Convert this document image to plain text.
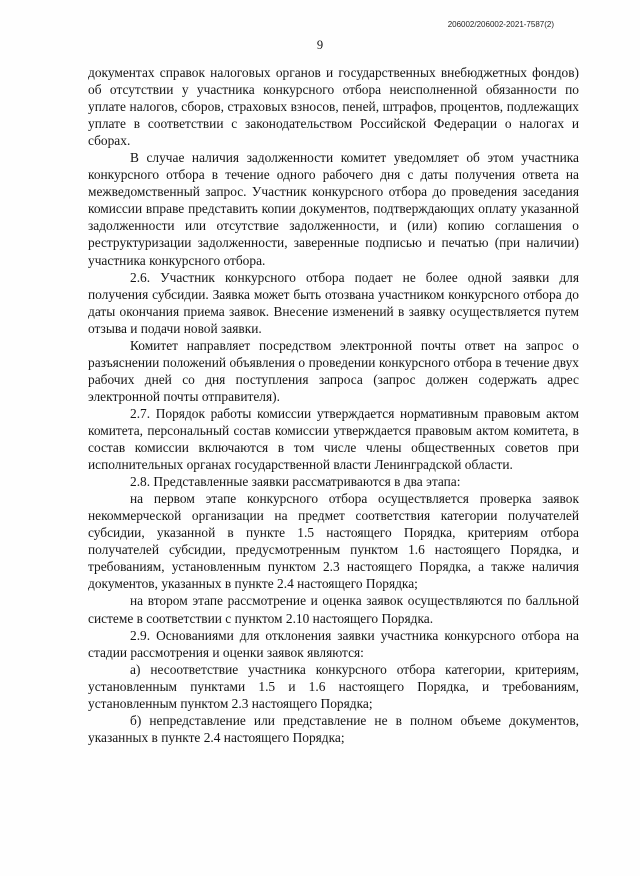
206002/206002-2021-7587(2)
9

документах справок налоговых органов и государственных внебюджетных фондов) об отсутствии у участника конкурсного отбора неисполненной обязанности по уплате налогов, сборов, страховых взносов, пеней, штрафов, процентов, подлежащих уплате в соответствии с законодательством Российской Федерации о налогах и сборах.

В случае наличия задолженности комитет уведомляет об этом участника конкурсного отбора в течение одного рабочего дня с даты получения ответа на межведомственный запрос. Участник конкурсного отбора до проведения заседания комиссии вправе представить копии документов, подтверждающих оплату указанной задолженности или отсутствие задолженности, и (или) копию соглашения о реструктуризации задолженности, заверенные подписью и печатью (при наличии) участника конкурсного отбора.

2.6. Участник конкурсного отбора подает не более одной заявки для получения субсидии. Заявка может быть отозвана участником конкурсного отбора до даты окончания приема заявок. Внесение изменений в заявку осуществляется путем отзыва и подачи новой заявки.

Комитет направляет посредством электронной почты ответ на запрос о разъяснении положений объявления о проведении конкурсного отбора в течение двух рабочих дней со дня поступления запроса (запрос должен содержать адрес электронной почты отправителя).

2.7. Порядок работы комиссии утверждается нормативным правовым актом комитета, персональный состав комиссии утверждается правовым актом комитета, в состав комиссии включаются в том числе члены общественных советов при исполнительных органах государственной власти Ленинградской области.

2.8. Представленные заявки рассматриваются в два этапа:

на первом этапе конкурсного отбора осуществляется проверка заявок некоммерческой организации на предмет соответствия категории получателей субсидии, указанной в пункте 1.5 настоящего Порядка, критериям отбора получателей субсидии, предусмотренным пунктом 1.6 настоящего Порядка, и требованиям, установленным пунктом 2.3 настоящего Порядка, а также наличия документов, указанных в пункте 2.4 настоящего Порядка;

на втором этапе рассмотрение и оценка заявок осуществляются по балльной системе в соответствии с пунктом 2.10 настоящего Порядка.

2.9. Основаниями для отклонения заявки участника конкурсного отбора на стадии рассмотрения и оценки заявок являются:

а) несоответствие участника конкурсного отбора категории, критериям, установленным пунктами 1.5 и 1.6 настоящего Порядка, и требованиям, установленным пунктом 2.3 настоящего Порядка;

б) непредставление или представление не в полном объеме документов, указанных в пункте 2.4 настоящего Порядка;
